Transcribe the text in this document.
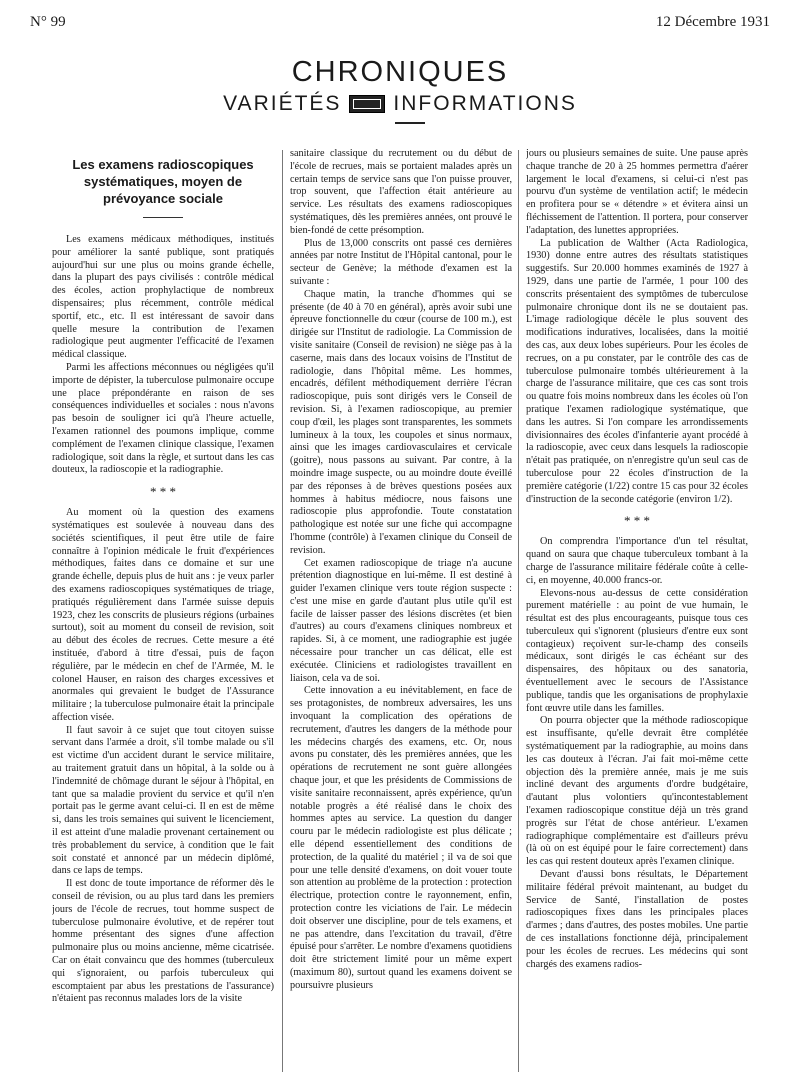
N° 99	12 Décembre 1931
CHRONIQUES
VARIÉTÉS INFORMATIONS
Les examens radioscopiques systématiques, moyen de prévoyance sociale

Les examens médicaux méthodiques, institués pour améliorer la santé publique, sont pratiqués aujourd'hui sur une plus ou moins grande échelle, dans la plupart des pays civilisés : contrôle médical des écoles, action prophylactique de nombreux dispensaires; plus récemment, contrôle médical sportif, etc., etc. Il est intéressant de savoir dans quelle mesure la contribution de l'examen radiologique peut augmenter l'efficacité de l'examen médical classique.

Parmi les affections méconnues ou négligées qu'il importe de dépister, la tuberculose pulmonaire occupe une place prépondérante en raison de ses conséquences individuelles et sociales : nous n'avons pas besoin de souligner ici qu'à l'heure actuelle, l'examen rationnel des poumons implique, comme complément de l'examen clinique classique, l'examen radiologique, soit dans la règle, et surtout dans les cas douteux, la radioscopie et la radiographie.

* * *

Au moment où la question des examens systématiques est soulevée à nouveau dans des sociétés scientifiques, il peut être utile de faire connaître à l'opinion médicale le fruit d'expériences méthodiques, faites dans ce domaine et sur une grande échelle, depuis plus de huit ans : je veux parler des examens radioscopiques systématiques de triage, pratiqués régulièrement dans l'armée suisse depuis 1923, chez les conscrits de plusieurs régions (urbaines surtout), soit au moment du conseil de revision, soit au début des écoles de recrues. Cette mesure a été instituée, d'abord à titre d'essai, puis de façon régulière, par le médecin en chef de l'Armée, M. le colonel Hauser, en raison des charges excessives et anormales qui grevaient le budget de l'Assurance militaire ; la tuberculose pulmonaire était la principale affection visée.

Il faut savoir à ce sujet que tout citoyen suisse servant dans l'armée a droit, s'il tombe malade ou s'il est victime d'un accident durant le service militaire, au traitement gratuit dans un hôpital, à la solde ou à l'indemnité de chômage durant le séjour à l'hôpital, en tant que sa maladie provient du service et qu'il n'en portait pas le germe avant celui-ci. Il en est de même si, dans les trois semaines qui suivent le licenciement, il est atteint d'une maladie provenant certainement ou très probablement du service, à condition que le fait soit constaté et annoncé par un médecin diplômé, dans ce laps de temps.

Il est donc de toute importance de réformer dès le conseil de révision, ou au plus tard dans les premiers jours de l'école de recrues, tout homme suspect de tuberculose pulmonaire évolutive, et de repérer tout homme présentant des signes d'une affection pulmonaire plus ou moins ancienne, même cicatrisée. Car on était convaincu que des hommes (tuberculeux qui s'ignoraient, ou parfois tuberculeux qui escomptaient par abus les prestations de l'assurance) n'étaient pas reconnus malades lors de la visite

sanitaire classique du recrutement ou du début de l'école de recrues, mais se portaient malades après un certain temps de service sans que l'on puisse prouver, trop souvent, que l'affection était antérieure au service. Les résultats des examens radioscopiques systématiques, dès les premières années, ont prouvé le bien-fondé de cette présomption.

Plus de 13,000 conscrits ont passé ces dernières années par notre Institut de l'Hôpital cantonal, pour le secteur de Genève; la méthode d'examen est la suivante :

Chaque matin, la tranche d'hommes qui se présente (de 40 à 70 en général), après avoir subi une épreuve fonctionnelle du cœur (course de 100 m.), est dirigée sur l'Institut de radiologie. La Commission de visite sanitaire (Conseil de revision) ne siège pas à la caserne, mais dans des locaux voisins de l'Institut de radiologie, dans l'hôpital même. Les hommes, encadrés, défilent méthodiquement derrière l'écran radioscopique, puis sont dirigés vers le Conseil de revision. Si, à l'examen radioscopique, au premier coup d'œil, les plages sont transparentes, les sommets lumineux à la toux, les coupoles et sinus normaux, ainsi que les images cardiovasculaires et cervicale (goitre), nous passons au suivant. Par contre, à la moindre image suspecte, ou au moindre doute éveillé par des réponses à de brèves questions posées aux hommes à habitus médiocre, nous faisons une radioscopie plus approfondie. Toute constatation pathologique est notée sur une fiche qui accompagne l'homme (contrôle) à l'examen clinique du Conseil de revision.

Cet examen radioscopique de triage n'a aucune prétention diagnostique en lui-même. Il est destiné à guider l'examen clinique vers toute région suspecte : c'est une mise en garde d'autant plus utile qu'il est facile de laisser passer des lésions discrètes (et bien d'autres) au cours d'examens cliniques nombreux et rapides. Si, à ce moment, une radiographie est jugée nécessaire pour trancher un cas délicat, elle est exécutée. Cliniciens et radiologistes travaillent en liaison, cela va de soi.

Cette innovation a eu inévitablement, en face de ses protagonistes, de nombreux adversaires, les uns invoquant la complication des opérations de recrutement, d'autres les dangers de la méthode pour les médecins chargés des examens, etc. Or, nous avons pu constater, dès les premières années, que les opérations de recrutement ne sont guère allongées chaque jour, et que les présidents de Commissions de visite sanitaire reconnaissent, après expérience, qu'un notable progrès a été réalisé dans le choix des hommes aptes au service. La question du danger couru par le médecin radiologiste est plus délicate ; elle dépend essentiellement des conditions de protection, de la qualité du matériel ; il va de soi que pour une telle densité d'examens, on doit vouer toute son attention au problème de la protection : protection électrique, protection contre le rayonnement, enfin, protection contre les viciations de l'air. Le médecin doit observer une discipline, pour de tels examens, et ne pas attendre, dans l'excitation du travail, d'être épuisé pour s'arrêter. Le nombre d'examens quotidiens doit être strictement limité pour un même expert (maximum 80), surtout quand les examens doivent se poursuivre plusieurs

jours ou plusieurs semaines de suite. Une pause après chaque tranche de 20 à 25 hommes permettra d'aérer largement le local d'examens, si celui-ci n'est pas pourvu d'un système de ventilation actif; le médecin en profitera pour se « détendre » et évitera ainsi un fléchissement de l'attention. Il portera, pour conserver l'adaptation, des lunettes appropriées.

La publication de Walther (Acta Radiologica, 1930) donne entre autres des résultats statistiques suggestifs. Sur 20.000 hommes examinés de 1927 à 1929, dans une partie de l'armée, 1 pour 100 des conscrits présentaient des symptômes de tuberculose pulmonaire chronique dont ils ne se doutaient pas. L'image radiologique décèle le plus souvent des modifications induratives, localisées, dans la moitié des cas, aux deux lobes supérieurs. Pour les écoles de recrues, on a pu constater, par le contrôle des cas de tuberculose pulmonaire tombés ultérieurement à la charge de l'assurance militaire, que ces cas sont trois ou quatre fois moins nombreux dans les écoles où l'on pratique l'examen radiologique systématique, que dans les autres. Si l'on compare les arrondissements divisionnaires des écoles d'infanterie ayant procédé à la radioscopie, avec ceux dans lesquels la radioscopie n'était pas pratiquée, on n'enregistre qu'un seul cas de tuberculose pour 22 écoles d'instruction de la première catégorie (1/22) contre 15 cas pour 32 écoles d'instruction de la seconde catégorie (environ 1/2).

* * *

On comprendra l'importance d'un tel résultat, quand on saura que chaque tuberculeux tombant à la charge de l'assurance militaire fédérale coûte à celle-ci, en moyenne, 40.000 francs-or.

Elevons-nous au-dessus de cette considération purement matérielle : au point de vue humain, le résultat est des plus encourageants, puisque tous ces tuberculeux qui s'ignorent (plusieurs d'entre eux sont contagieux) reçoivent sur-le-champ des conseils médicaux, sont dirigés le cas échéant sur des dispensaires, des hôpitaux ou des sanatoria, éventuellement avec le secours de l'Assistance publique, tandis que les organisations de prophylaxie font œuvre utile dans les familles.

On pourra objecter que la méthode radioscopique est insuffisante, qu'elle devrait être complétée systématiquement par la radiographie, au moins dans les cas douteux à l'écran. J'ai fait moi-même cette objection dès la première année, mais je me suis incliné devant des arguments d'ordre budgétaire, d'autant plus volontiers qu'incontestablement l'examen radioscopique constitue déjà un très grand progrès sur l'état de chose antérieur. L'examen radiographique complémentaire est d'ailleurs prévu (là où on est équipé pour le faire correctement) dans les cas qui restent douteux après l'examen clinique.

Devant d'aussi bons résultats, le Département militaire fédéral prévoit maintenant, au budget du Service de Santé, l'installation de postes radioscopiques fixes dans les principales places d'armes ; dans d'autres, des postes mobiles. Une partie de ces installations fonctionne déjà, principalement pour les écoles de recrues. Les médecins qui sont chargés des examens radios-
